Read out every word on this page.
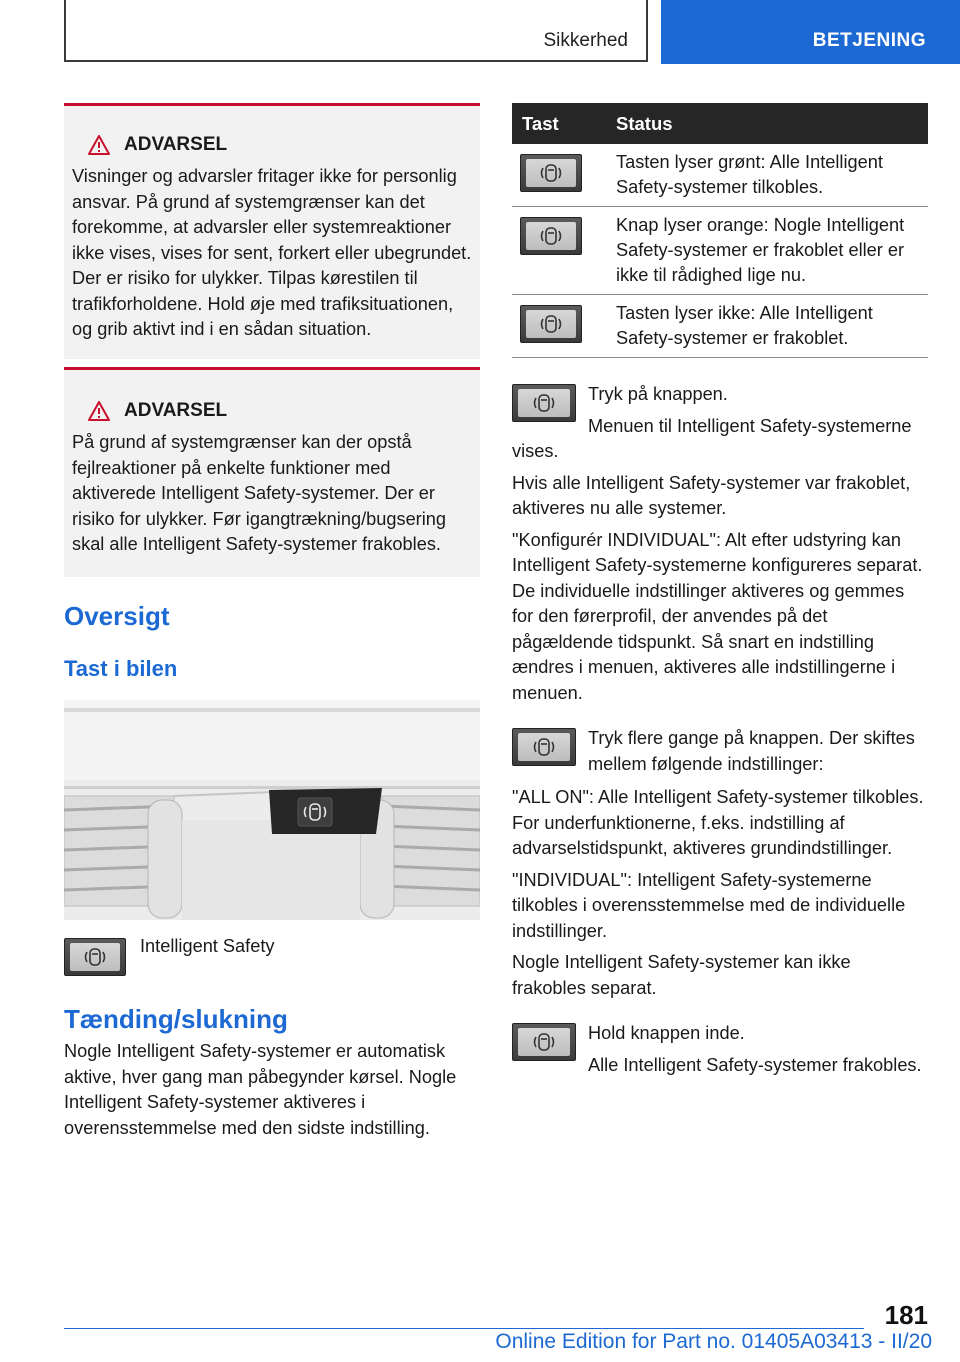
Sikkerhed	BETJENING
ADVARSEL
Visninger og advarsler fritager ikke for personlig ansvar. På grund af systemgrænser kan det forekomme, at advarsler eller systemreaktioner ikke vises, vises for sent, forkert eller ubegrundet. Der er risiko for ulykker. Tilpas kørestilen til trafikforholdene. Hold øje med trafiksituationen, og grib aktivt ind i en sådan situation.
ADVARSEL
På grund af systemgrænser kan der opstå fejlreaktioner på enkelte funktioner med aktiverede Intelligent Safety-systemer. Der er risiko for ulykker. Før igangtrækning/bugsering skal alle Intelligent Safety-systemer frakobles.
Oversigt
Tast i bilen

Intelligent Safety

Tænding/slukning

Nogle Intelligent Safety-systemer er automatisk aktive, hver gang man påbegynder kørsel. Nogle Intelligent Safety-systemer aktiveres i overensstemmelse med den sidste indstilling.

Tast	Status

	Tasten lyser grønt: Alle Intelligent Safety-systemer tilkobles.

	Knap lyser orange: Nogle Intelligent Safety-systemer er frakoblet eller er ikke til rådighed lige nu.

	Tasten lyser ikke: Alle Intelligent Safety-systemer er frakoblet.

Tryk på knappen.

Menuen til Intelligent Safety-systemerne vises.

Hvis alle Intelligent Safety-systemer var frakoblet, aktiveres nu alle systemer.

"Konfigurér INDIVIDUAL": Alt efter udstyring kan Intelligent Safety-systemerne konfigureres separat. De individuelle indstillinger aktiveres og gemmes for den førerprofil, der anvendes på det pågældende tidspunkt. Så snart en indstilling ændres i menuen, aktiveres alle indstillingerne i menuen.

Tryk flere gange på knappen. Der skiftes mellem følgende indstillinger:

"ALL ON": Alle Intelligent Safety-systemer tilkobles. For underfunktionerne, f.eks. indstilling af advarselstidspunkt, aktiveres grundindstillinger.

"INDIVIDUAL": Intelligent Safety-systemerne tilkobles i overensstemmelse med de individuelle indstillinger.

Nogle Intelligent Safety-systemer kan ikke frakobles separat.

Hold knappen inde.

Alle Intelligent Safety-systemer frakobles.

181
Online Edition for Part no. 01405A03413 - II/20
